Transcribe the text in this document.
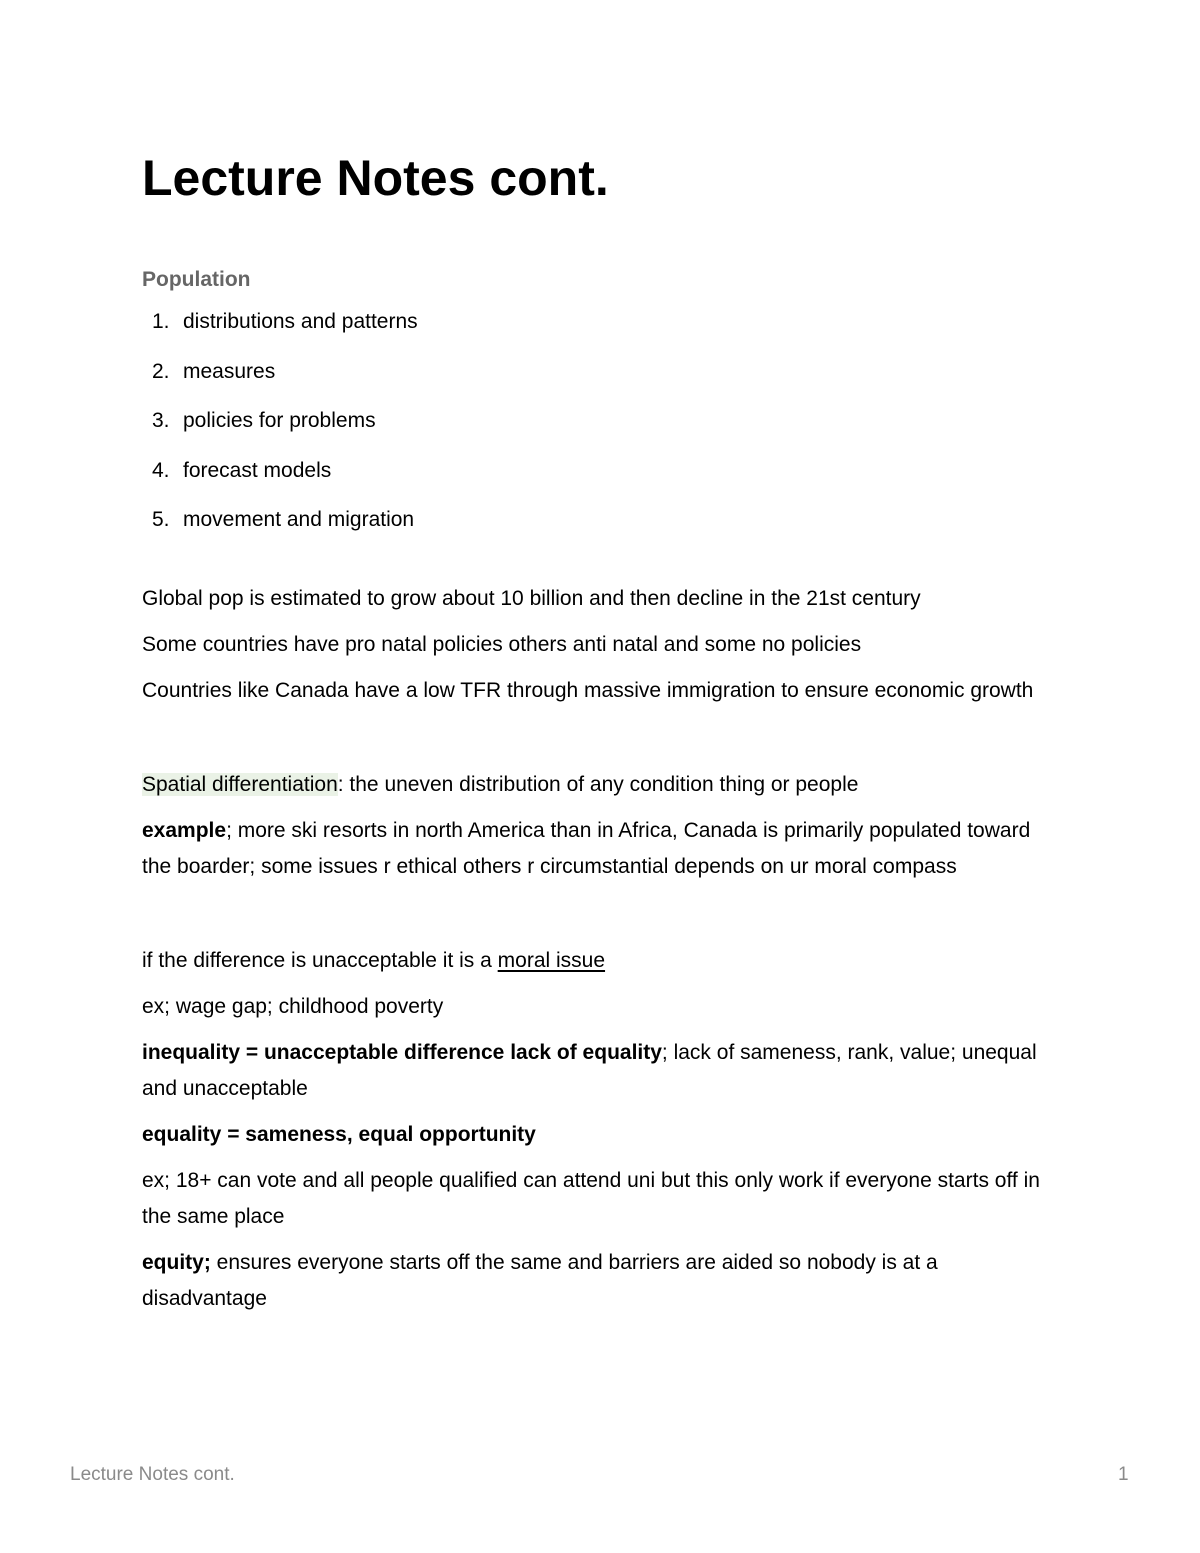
Lecture Notes cont.
Population
1. distributions and patterns
2. measures
3. policies for problems
4. forecast models
5. movement and migration

Global pop is estimated to grow about 10 billion and then decline in the 21st century

Some countries have pro natal policies others anti natal and some no policies

Countries like Canada have a low TFR through massive immigration to ensure economic growth

Spatial differentiation: the uneven distribution of any condition thing or people

example; more ski resorts in north America than in Africa, Canada is primarily populated toward the boarder; some issues r ethical others r circumstantial depends on ur moral compass

if the difference is unacceptable it is a moral issue

ex; wage gap; childhood poverty

inequality = unacceptable difference lack of equality; lack of sameness, rank, value; unequal and unacceptable

equality = sameness, equal opportunity

ex; 18+ can vote and all people qualified can attend uni but this only work if everyone starts off in the same place

equity; ensures everyone starts off the same and barriers are aided so nobody is at a disadvantage

Lecture Notes cont.	1
